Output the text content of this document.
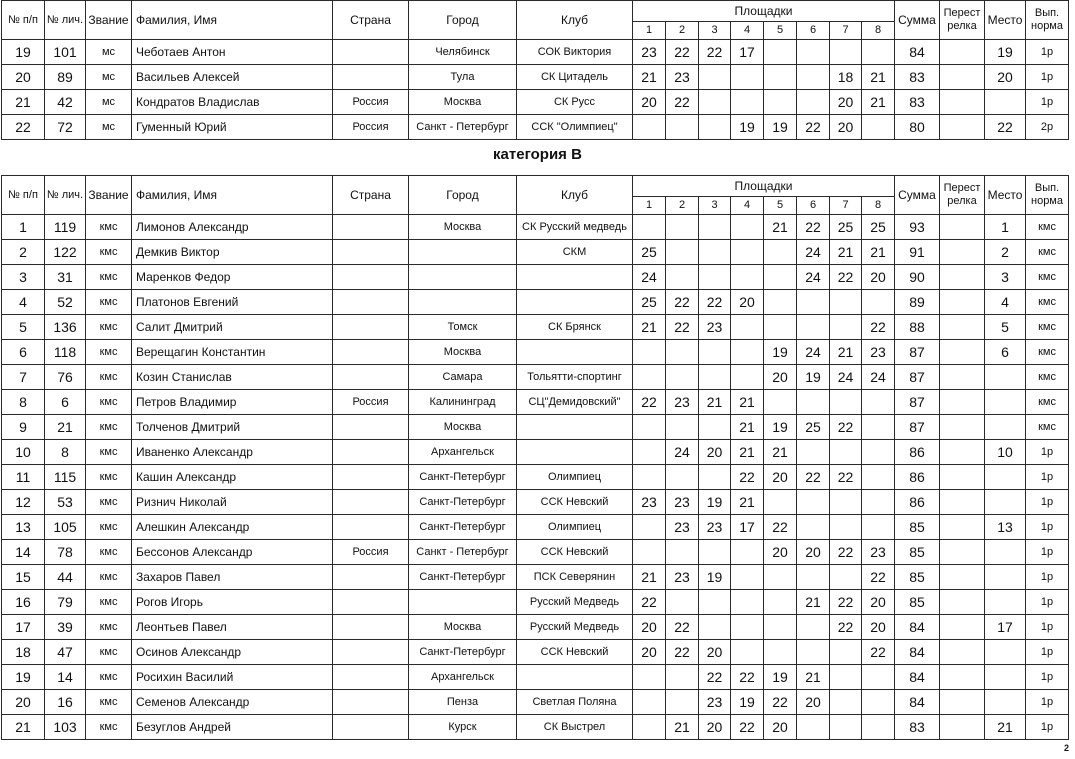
№ п/п	№ лич.	Звание	Фамилия, Имя	Страна	Город	Клуб	Площадки								Сумма	Перест релка	Место	Вып. норма
							1	2	3	4	5	6	7	8				
19	101	мс	Чеботаев Антон		Челябинск	СОК Виктория	23	22	22	17					84		19	1р
20	89	мс	Васильев Алексей		Тула	СК Цитадель	21	23					18	21	83		20	1р
21	42	мс	Кондратов Владислав	Россия	Москва	СК Русс	20	22					20	21	83			1р
22	72	мс	Гуменный Юрий	Россия	Санкт - Петербург	ССК "Олимпиец"				19	19	22	20		80		22	2р
категория В
№ п/п	№ лич.	Звание	Фамилия, Имя	Страна	Город	Клуб	Площадки								Сумма	Перест релка	Место	Вып. норма
							1	2	3	4	5	6	7	8				
1	119	кмс	Лимонов Александр		Москва	СК Русский медведь					21	22	25	25	93		1	кмс
2	122	кмс	Демкив Виктор			СКМ	25					24	21	21	91		2	кмс
3	31	кмс	Маренков Федор				24					24	22	20	90		3	кмс
4	52	кмс	Платонов Евгений				25	22	22	20					89		4	кмс
5	136	кмс	Салит Дмитрий		Томск	СК Брянск	21	22	23					22	88		5	кмс
6	118	кмс	Верещагин Константин		Москва						19	24	21	23	87		6	кмс
7	76	кмс	Козин Станислав		Самара	Тольятти-спортинг					20	19	24	24	87			кмс
8	6	кмс	Петров Владимир	Россия	Калининград	СЦ"Демидовский"	22	23	21	21					87			кмс
9	21	кмс	Толченов Дмитрий		Москва					21	19	25	22		87			кмс
10	8	кмс	Иваненко Александр		Архангельск			24	20	21	21				86		10	1р
11	115	кмс	Кашин Александр		Санкт-Петербург	Олимпиец				22	20	22	22		86			1р
12	53	кмс	Ризнич Николай		Санкт-Петербург	ССК Невский	23	23	19	21					86			1р
13	105	кмс	Алешкин Александр		Санкт-Петербург	Олимпиец		23	23	17	22				85		13	1р
14	78	кмс	Бессонов Александр	Россия	Санкт - Петербург	ССК Невский					20	20	22	23	85			1р
15	44	кмс	Захаров Павел		Санкт-Петербург	ПСК Северянин	21	23	19					22	85			1р
16	79	кмс	Рогов Игорь			Русский Медведь	22					21	22	20	85			1р
17	39	кмс	Леонтьев Павел		Москва	Русский Медведь	20	22					22	20	84		17	1р
18	47	кмс	Осинов Александр		Санкт-Петербург	ССК Невский	20	22	20					22	84			1р
19	14	кмс	Росихин Василий		Архангельск				22	22	19	21			84			1р
20	16	кмс	Семенов Александр		Пенза	Светлая Поляна			23	19	22	20			84			1р
21	103	кмс	Безуглов Андрей		Курск	СК Выстрел		21	20	22	20				83		21	1р
2
